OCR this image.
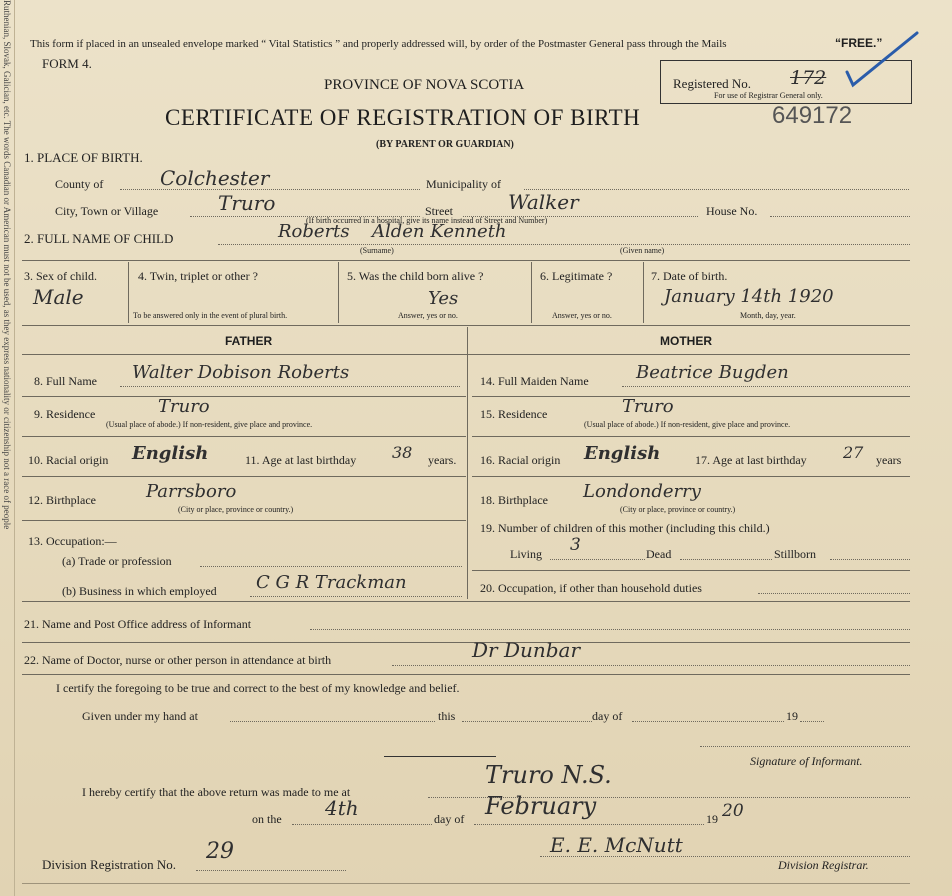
Ruthenian, Slovak, Galician, etc. The words Canadian or American must not be used, as they express nationality or citizenship not a race of people This form if placed in an unsealed envelope marked “ Vital Statistics ” and properly addressed will, by order of the Postmaster General pass through the Mails	“FREE.”
FORM 4.
PROVINCE OF NOVA SCOTIA
CERTIFICATE OF REGISTRATION OF BIRTH	649172
(BY PARENT OR GUARDIAN)
Registered No. 172
For use of Registrar General only.
1. PLACE OF BIRTH.
County of	Colchester	Municipality of
City, Town or Village	Truro	Street	Walker	House No.
(If birth occurred in a hospital, give its name instead of Street and Number)
2. FULL NAME OF CHILD	Roberts Alden Kenneth
(Surname)	(Given name)
3. Sex of child.
Male
4. Twin, triplet or other ?
To be answered only in the event of plural birth.
5. Was the child born alive ?
Yes
Answer, yes or no.
6. Legitimate ?
Answer, yes or no.
7. Date of birth.
January 14th 1920
Month, day, year.
FATHER	MOTHER
8. Full Name Walter Dobison Roberts
9. Residence	Truro
(Usual place of abode.) If non-resident, give place and province.
10. Racial origin English	11. Age at last birthday 38 years.
12. Birthplace	Parrsboro
(City or place, province or country.)
13. Occupation:—
(a) Trade or profession
(b) Business in which employed C G R Trackman
14. Full Maiden Name	Beatrice Bugden
15. Residence	Truro
(Usual place of abode.) If non-resident, give place and province.
16. Racial origin English	17. Age at last birthday 27 years
18. Birthplace Londonderry
(City or place, province or country.)
19. Number of children of this mother (including this child.)
Living 3	Dead	Stillborn
20. Occupation, if other than household duties
21. Name and Post Office address of Informant
22. Name of Doctor, nurse or other person in attendance at birth	Dr Dunbar
I certify the foregoing to be true and correct to the best of my knowledge and belief.
Given under my hand at	this	day of	19
Signature of Informant.
I hereby certify that the above return was made to me at
Truro N.S.
on the 4th	day of February	19 20
Division Registration No.
29	E. E. McNutt
Division Registrar.
